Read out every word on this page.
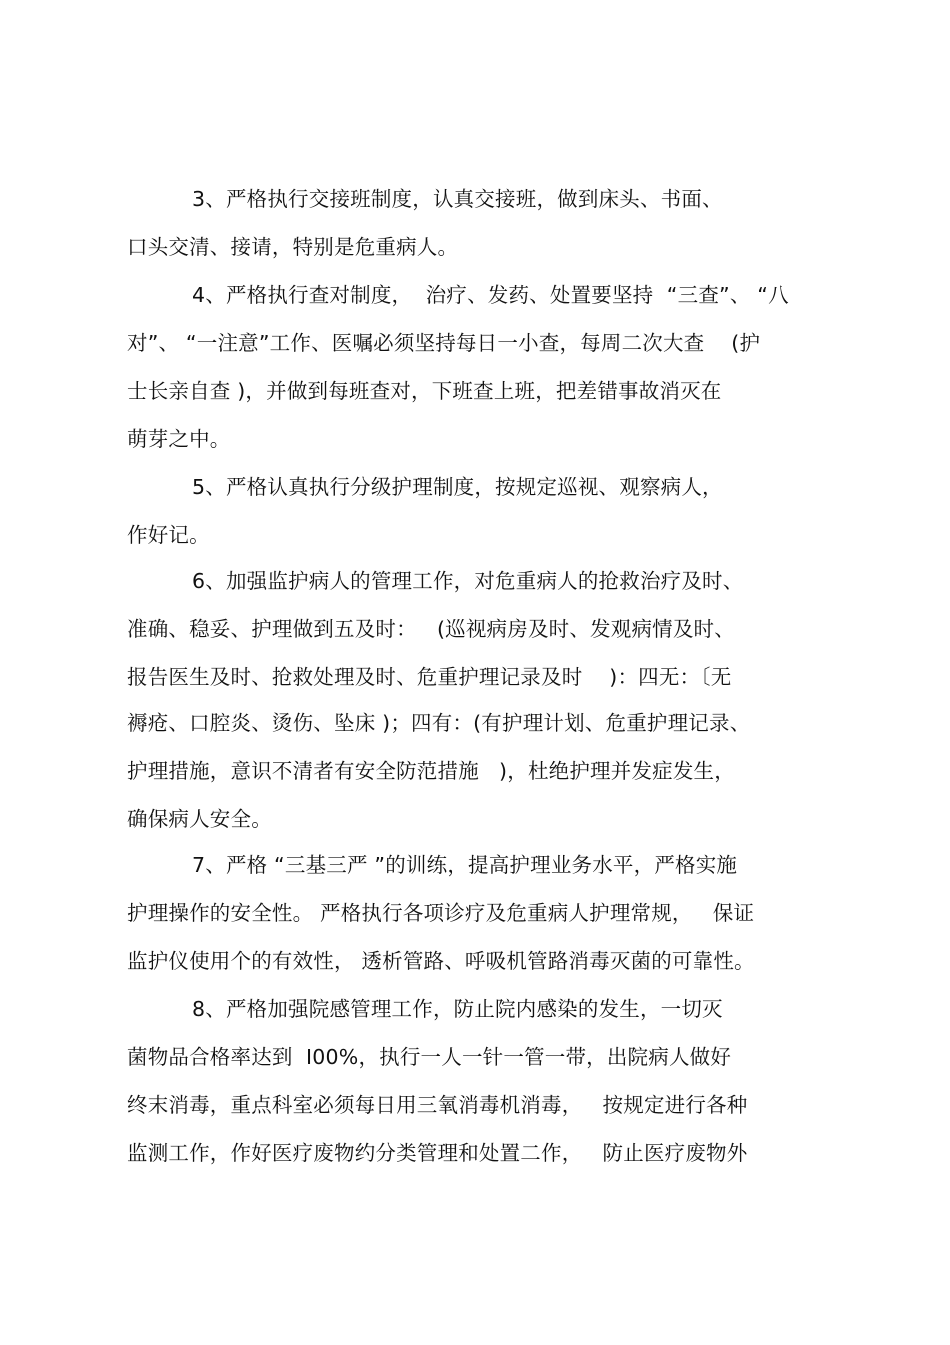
3、严格执行交接班制度，认真交接班，做到床头、书面、
口头交清、接请，特别是危重病人。
4、严格执行查对制度，  治疗、发药、处置要坚持  “三查”、 “八
对”、 “一注意”工作、医嘱必须坚持每日一小查，每周二次大查    (护
士长亲自查 )，并做到每班查对，下班查上班，把差错事故消灭在
萌芽之中。
5、严格认真执行分级护理制度，按规定巡视、观察病人，
作好记。
6、加强监护病人的管理工作，对危重病人的抢救治疗及时、
准确、稳妥、护理做到五及时：   (巡视病房及时、发观病情及时、
报告医生及时、抢救处理及时、危重护理记录及时    )：四无：〔无
褥疮、口腔炎、烫伤、坠床 )；四有：(有护理计划、危重护理记录、
护理措施，意识不清者有安全防范措施   )，杜绝护理并发症发生，
确保病人安全。
7、严格 “三基三严 ”的训练，提高护理业务水平，严格实施
护理操作的安全性。 严格执行各项诊疗及危重病人护理常规，   保证
监护仪使用个的有效性， 透析管路、呼吸机管路消毒灭菌的可靠性。
8、严格加强院感管理工作，防止院内感染的发生，一切灭
菌物品合格率达到  I00%，执行一人一针一管一带，出院病人做好
终末消毒，重点科室必须每日用三氧消毒机消毒，   按规定进行各种
监测工作，作好医疗废物约分类管理和处置二作，   防止医疗废物外
